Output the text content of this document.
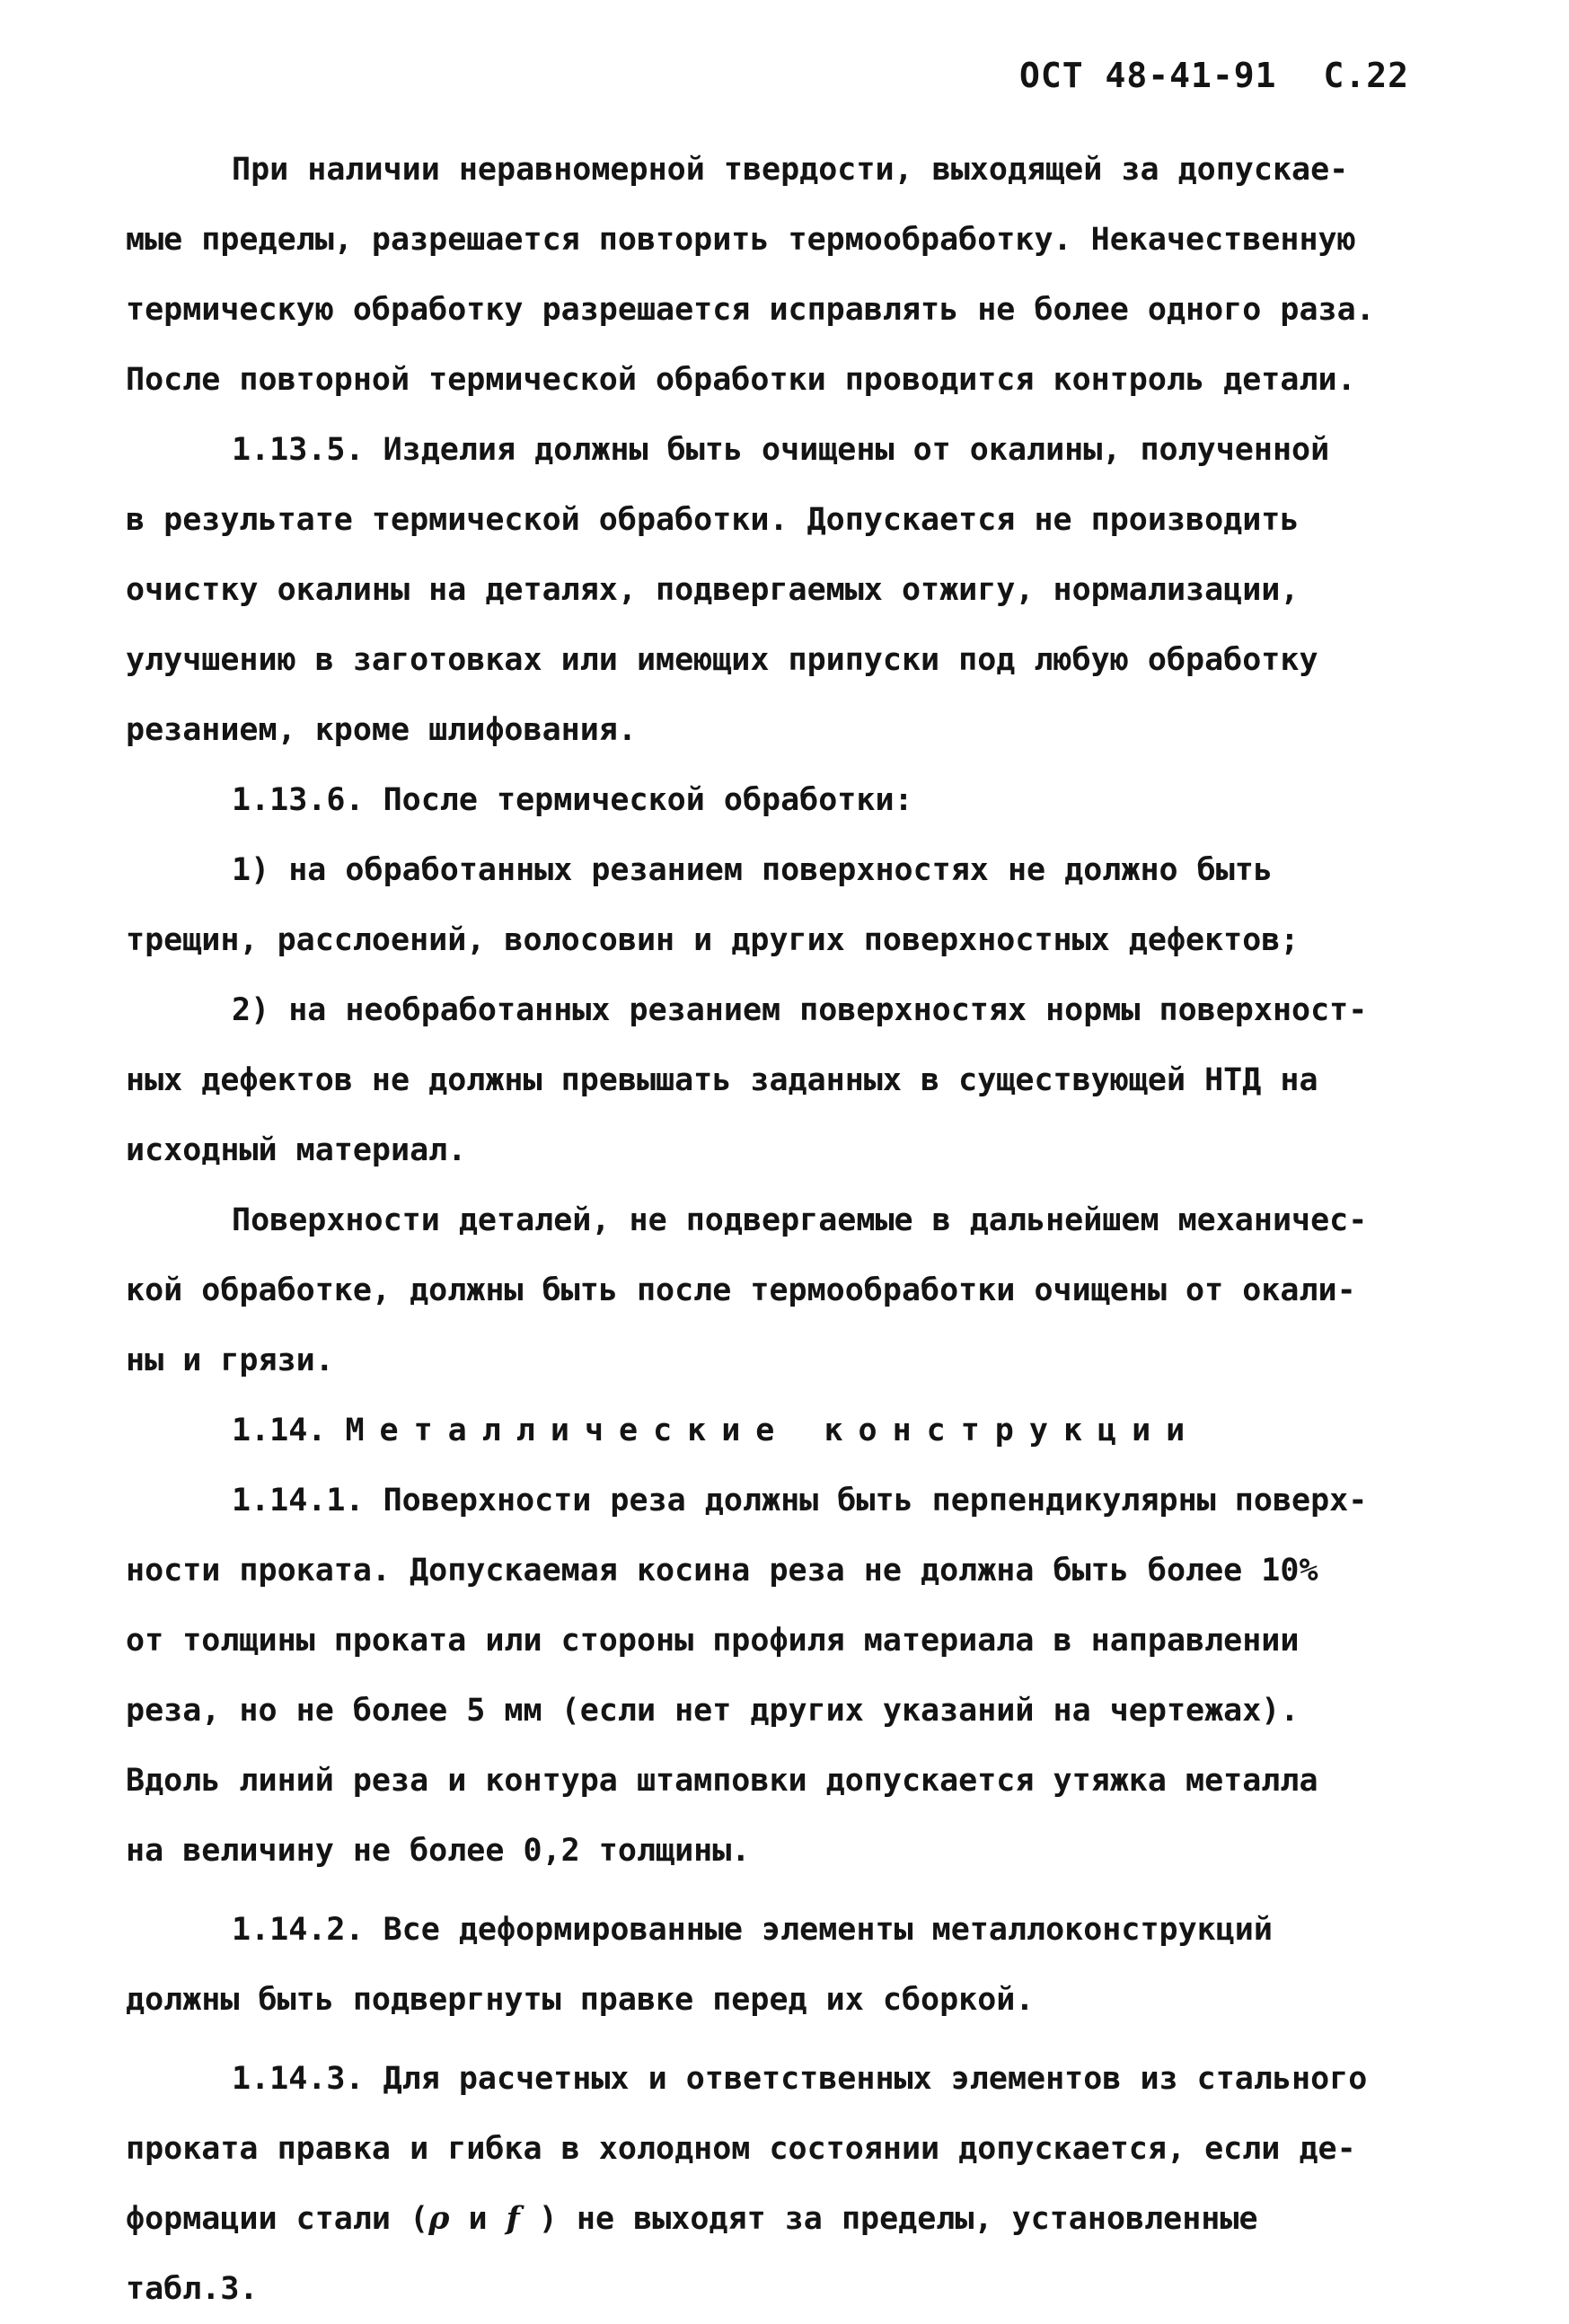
ОСТ 48-41-91 С.22
При наличии неравномерной твердости, выходящей за допускае-
мые пределы, разрешается повторить термообработку. Некачественную
термическую обработку разрешается исправлять не более одного раза.
После повторной термической обработки проводится контроль детали.
1.13.5. Изделия должны быть очищены от окалины, полученной
в результате термической обработки. Допускается не производить
очистку окалины на деталях, подвергаемых отжигу, нормализации,
улучшению в заготовках или имеющих припуски под любую обработку
резанием, кроме шлифования.
1.13.6. После термической обработки:
1) на обработанных резанием поверхностях не должно быть
трещин, расслоений, волосовин и других поверхностных дефектов;
2) на необработанных резанием поверхностях нормы поверхност-
ных дефектов не должны превышать заданных в существующей НТД на
исходный материал.
Поверхности деталей, не подвергаемые в дальнейшем механичес-
кой обработке, должны быть после термообработки очищены от окали-
ны и грязи.
1.14. Металлические конструкции
1.14.1. Поверхности реза должны быть перпендикулярны поверх-
ности проката. Допускаемая косина реза не должна быть более 10%
от толщины проката или стороны профиля материала в направлении
реза, но не более 5 мм (если нет других указаний на чертежах).
Вдоль линий реза и контура штамповки допускается утяжка металла
на величину не более 0,2 толщины.
1.14.2. Все деформированные элементы металлоконструкций
должны быть подвергнуты правке перед их сборкой.
1.14.3. Для расчетных и ответственных элементов из стального
проката правка и гибка в холодном состоянии допускается, если де-
формации стали (ρ и f ) не выходят за пределы, установленные
табл.3.
